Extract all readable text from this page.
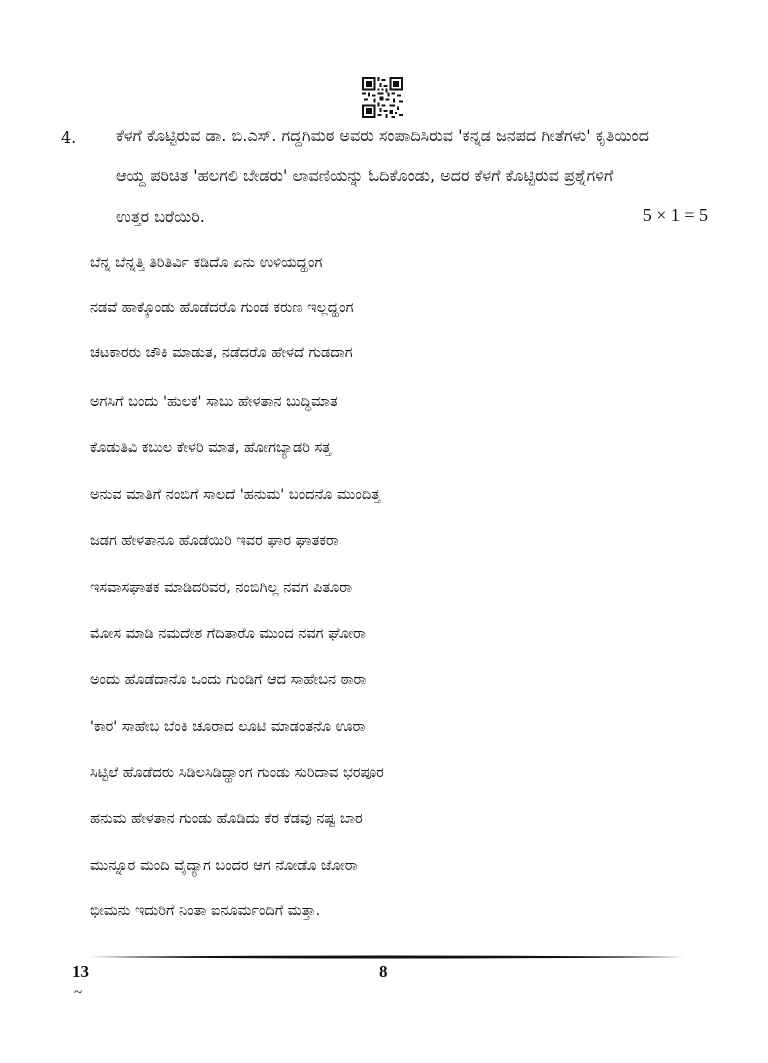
4. ಕೆಳಗೆ ಕೊಟ್ಟಿರುವ ಡಾ. ಬಿ.ಎಸ್. ಗದ್ದಗಿಮಠ ಅವರು ಸಂಪಾದಿಸಿರುವ 'ಕನ್ನಡ ಜನಪದ ಗೀತೆಗಳು' ಕೃತಿಯಿಂದ
ಆಯ್ದ ಪರಿಚಿತ 'ಹಲಗಲಿ ಬೇಡರು' ಲಾವಣಿಯನ್ನು ಓದಿಕೊಂಡು, ಅದರ ಕೆಳಗೆ ಕೊಟ್ಟಿರುವ ಪ್ರಶ್ನೆಗಳಿಗೆ
ಉತ್ತರ ಬರೆಯಿರಿ.	5 × 1 = 5
ಬೆನ್ನ ಬೆನ್ನತ್ತಿ ತಿರಿತಿರ್ವಿ ಕಡಿದೊ ಏನು ಉಳಿಯದ್ಹಂಗ
ನಡವೆ ಹಾಕ್ಕೊಂಡು ಹೊಡೆದರೊ ಗುಂಡ ಕರುಣ ಇಲ್ಲದ್ಹಂಗ
ಚಟಕಾರರು ಚೌಕಿ ಮಾಡುತ, ನಡೆದರೊ ಹೇಳದೆ ಗುಡದಾಗ
ಅಗಸಿಗೆ ಬಂದು 'ಹುಲಕ' ಸಾಬು ಹೇಳತಾನ ಬುದ್ಧಿಮಾತ
ಕೊಡುತಿವಿ ಕಬುಲ ಕೇಳರಿ ಮಾತ, ಹೋಗಬ್ಯಾಡರಿ ಸತ್ತ
ಅನುವ ಮಾತಿಗೆ ನಂಬಿಗೆ ಸಾಲದೆ 'ಹನುಮ' ಬಂದನೊ ಮುಂದಿತ್ತ
ಜಡಗ ಹೇಳತಾನೂ ಹೊಡೆಯಿರಿ ಇವರ ಘಾರ ಘಾತಕರಾ
ಇಸವಾಸಘಾತಕ ಮಾಡಿದರಿವರ, ನಂಬಿಗಿಲ್ಲ ನವಗ ಪಿತೂರಾ
ಮೋಸ ಮಾಡಿ ನಮದೇಶ ಗೆದಿತಾರೊ ಮುಂದ ನವಗ ಘೋರಾ
ಅಂದು ಹೊಡೆದಾನೊ ಒಂದು ಗುಂಡಿಗೆ ಆದ ಸಾಹೇಬನ ಠಾರಾ
'ಕಾರ' ಸಾಹೇಬ ಬೆಂಕಿ ಚೂರಾದ ಲೂಟಿ ಮಾಡಂತನೊ ಊರಾ
ಸಿಟ್ಟಿಲೆ ಹೊಡೆದರು ಸಿಡಿಲಸಿಡಿದ್ಹಾಂಗ ಗುಂಡು ಸುರಿದಾವ ಭರಪೂರ
ಹನುಮ ಹೇಳತಾನ ಗುಂಡು ಹೊಡಿದು ಕೆರ ಕೆಡವು ನಷ್ಟ ಬಾರ
ಮುನ್ನೂರ ಮಂದಿ ವೈದ್ಯಾಗ ಬಂದರ ಆಗ ನೋಡೊ ಜೋರಾ
ಭೀಮನು ಇದುರಿಗೆ ನಿಂತಾ ಐನೂರ್ಮಂದಿಗೆ ಮತ್ತಾ.
13
~
8
